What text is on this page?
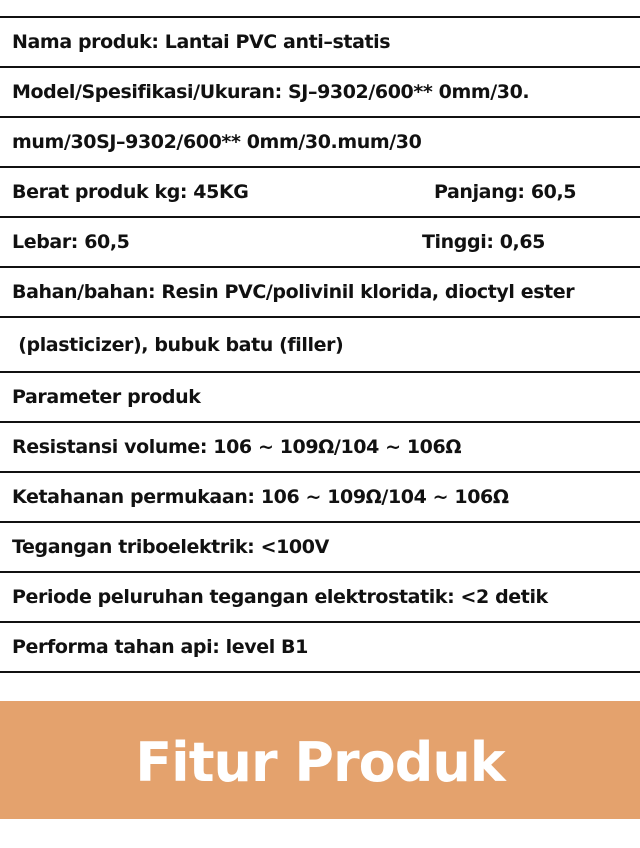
Nama produk: Lantai PVC anti–statis
Model/Spesifikasi/Ukuran: SJ–9302/600** 0mm/30.
mum/30SJ–9302/600** 0mm/30.mum/30
Berat produk kg: 45KG	Panjang: 60,5
Lebar: 60,5	Tinggi: 0,65
Bahan/bahan: Resin PVC/polivinil klorida, dioctyl ester
(plasticizer), bubuk batu (filler)
Parameter produk
Resistansi volume: 106 ~ 109Ω/104 ~ 106Ω
Ketahanan permukaan: 106 ~ 109Ω/104 ~ 106Ω
Tegangan triboelektrik: <100V
Periode peluruhan tegangan elektrostatik: <2 detik
Performa tahan api: level B1
Fitur Produk
